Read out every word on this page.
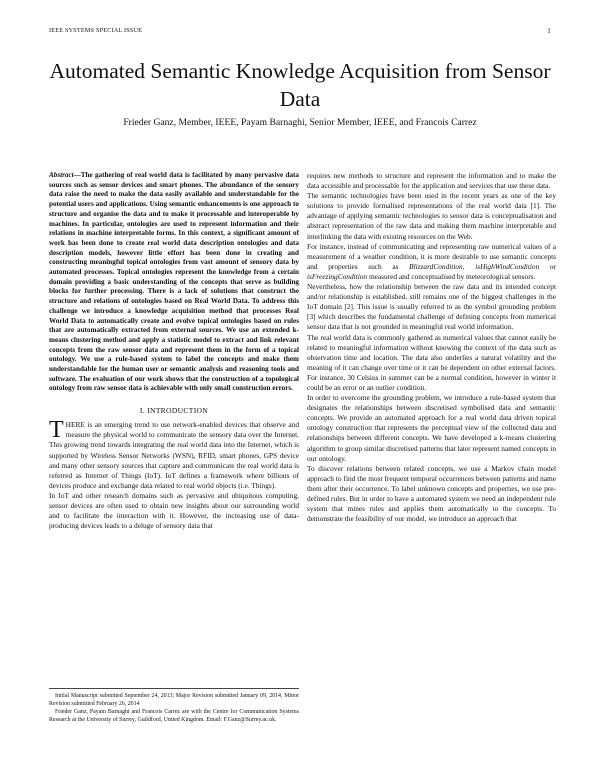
IEEE SYSTEMS SPECIAL ISSUE	1
Automated Semantic Knowledge Acquisition from Sensor Data
Frieder Ganz, Member, IEEE, Payam Barnaghi, Senior Member, IEEE, and Francois Carrez

Abstract—The gathering of real world data is facilitated by many pervasive data sources such as sensor devices and smart phones. The abundance of the sensory data raise the need to make the data easily available and understandable for the potential users and applications. Using semantic enhancements is one approach to structure and organise the data and to make it processable and interoperable by machines. In particular, ontologies are used to represent information and their relations in machine interpretable forms. In this context, a significant amount of work has been done to create real world data description ontologies and data description models, however little effort has been done in creating and constructing meaningful topical ontologies from vast amount of sensory data by automated processes. Topical ontologies represent the knowledge from a certain domain providing a basic understanding of the concepts that serve as building blocks for further processing. There is a lack of solutions that construct the structure and relations of ontologies based on Real World Data. To address this challenge we introduce a knowledge acquisition method that processes Real World Data to automatically create and evolve topical ontologies based on rules that are automatically extracted from external sources. We use an extended k-means clustering method and apply a statistic model to extract and link relevant concepts from the raw sensor data and represent them in the form of a topical ontology. We use a rule-based system to label the concepts and make them understandable for the human user or semantic analysis and reasoning tools and software. The evaluation of our work shows that the construction of a topological ontology from raw sensor data is achievable with only small construction errors.

I. INTRODUCTION

THERE is an emerging trend to use network-enabled devices that observe and measure the physical world to communicate the sensory data over the Internet. This growing trend towards integrating the real world data into the Internet, which is supported by Wireless Sensor Networks (WSN), RFID, smart phones, GPS device and many other sensory sources that capture and communicate the real world data is referred as Internet of Things (IoT). IoT defines a framework where billions of devices produce and exchange data related to real world objects (i.e. Things).

In IoT and other research domains such as pervasive and ubiquitous computing, sensor devices are often used to obtain new insights about our surrounding world and to facilitate the interaction with it. However, the increasing use of data-producing devices leads to a deluge of sensory data that

Initial Manuscript submitted September 24, 2013; Major Revision submitted January 09, 2014, Minor Revision submitted February 26, 2014

Frieder Ganz, Payam Barnaghi and Francois Carrez are with the Centre for Communication Systems Research at the University of Surrey, Guildford, United Kingdom. Email: F.Ganz@Surrey.ac.uk.

requires new methods to structure and represent the information and to make the data accessible and processable for the application and services that use these data.

The semantic technologies have been used in the recent years as one of the key solutions to provide formalised representations of the real world data [1]. The advantage of applying semantic technologies to sensor data is conceptualisation and abstract representation of the raw data and making them machine interpretable and interlinking the data with existing resources on the Web.

For instance, instead of communicating and representing raw numerical values of a measurement of a weather condition, it is more desirable to use semantic concepts and properties such as BlizzardCondition, isHighWindCondition or isFreezingCondition measured and conceptualised by meteorological sensors.

Nevertheless, how the relationship between the raw data and its intended concept and/or relationship is established, still remains one of the biggest challenges in the IoT domain [2]. This issue is usually referred to as the symbol grounding problem [3] which describes the fundamental challenge of defining concepts from numerical sensor data that is not grounded in meaningful real world information.

The real world data is commonly gathered as numerical values that cannot easily be related to meaningful information without knowing the context of the data such as observation time and location. The data also underlies a natural volatility and the meaning of it can change over time or it can be dependent on other external factors. For instance, 30 Celsius in summer can be a normal condition, however in winter it could be an error or an outlier condition.

In order to overcome the grounding problem, we introduce a rule-based system that designates the relationships between discretised symbolised data and semantic concepts. We provide an automated approach for a real world data driven topical ontology construction that represents the perceptual view of the collected data and relationships between different concepts. We have developed a k-means clustering algorithm to group similar discretised patterns that later represent named concepts in our ontology.

To discover relations between related concepts, we use a Markov chain model approach to find the most frequent temporal occurrences between patterns and name them after their occurrence. To label unknown concepts and properties, we use pre-defined rules. But in order to have a automated system we need an independent rule system that mines rules and applies them automatically to the concepts. To demonstrate the feasibility of our model, we introduce an approach that
